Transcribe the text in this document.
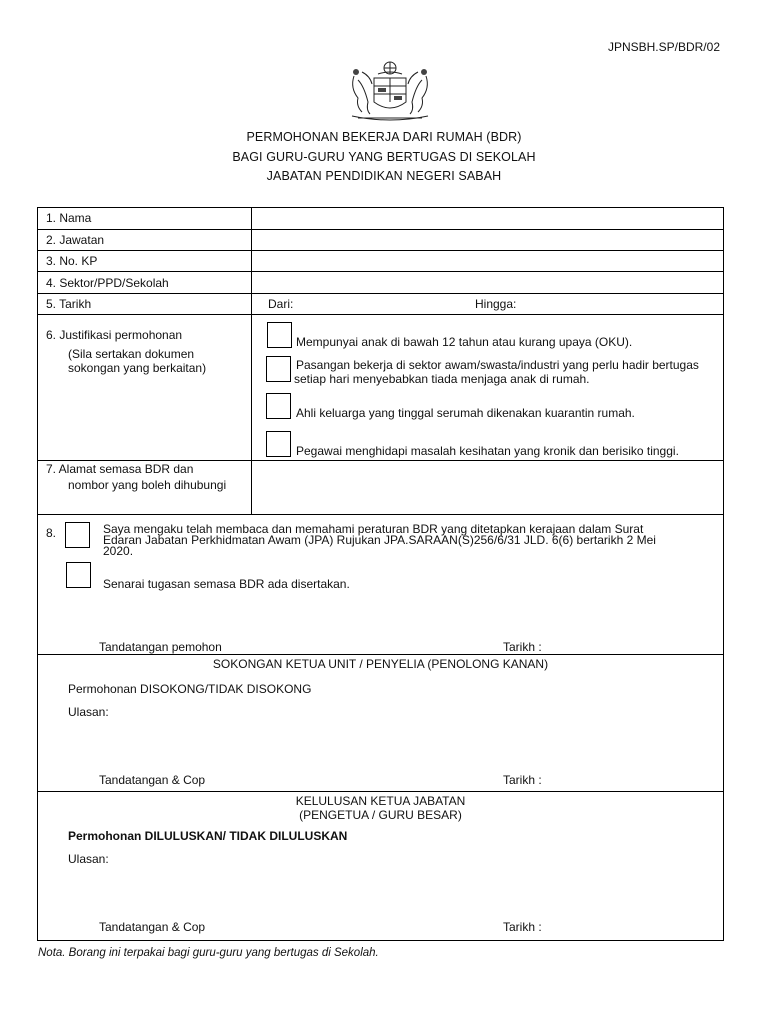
JPNSBH.SP/BDR/02
PERMOHONAN BEKERJA DARI RUMAH (BDR)
BAGI GURU-GURU YANG BERTUGAS DI SEKOLAH
JABATAN PENDIDIKAN NEGERI SABAH
1. Nama
2. Jawatan
3. No. KP
4. Sektor/PPD/Sekolah
5. Tarikh	Dari:	Hingga:
6. Justifikasi permohonan
(Sila sertakan dokumen
sokongan yang berkaitan)
Mempunyai anak di bawah 12 tahun atau kurang upaya (OKU).
Pasangan bekerja di sektor awam/swasta/industri yang perlu hadir bertugas
setiap hari menyebabkan tiada menjaga anak di rumah.
Ahli keluarga yang tinggal serumah dikenakan kuarantin rumah.
Pegawai menghidapi masalah kesihatan yang kronik dan berisiko tinggi.
7. Alamat semasa BDR dan
nombor yang boleh dihubungi
8.	Saya mengaku telah membaca dan memahami peraturan BDR yang ditetapkan kerajaan dalam Surat
Edaran Jabatan Perkhidmatan Awam (JPA) Rujukan JPA.SARAAN(S)256/6/31 JLD. 6(6) bertarikh 2 Mei
2020.
Senarai tugasan semasa BDR ada disertakan.
Tandatangan pemohon	Tarikh :
SOKONGAN KETUA UNIT / PENYELIA (PENOLONG KANAN)
Permohonan DISOKONG/TIDAK DISOKONG
Ulasan:
Tandatangan & Cop	Tarikh :
KELULUSAN KETUA JABATAN
(PENGETUA / GURU BESAR)
Permohonan DILULUSKAN/ TIDAK DILULUSKAN
Ulasan:
Tandatangan & Cop	Tarikh :
Nota. Borang ini terpakai bagi guru-guru yang bertugas di Sekolah.
